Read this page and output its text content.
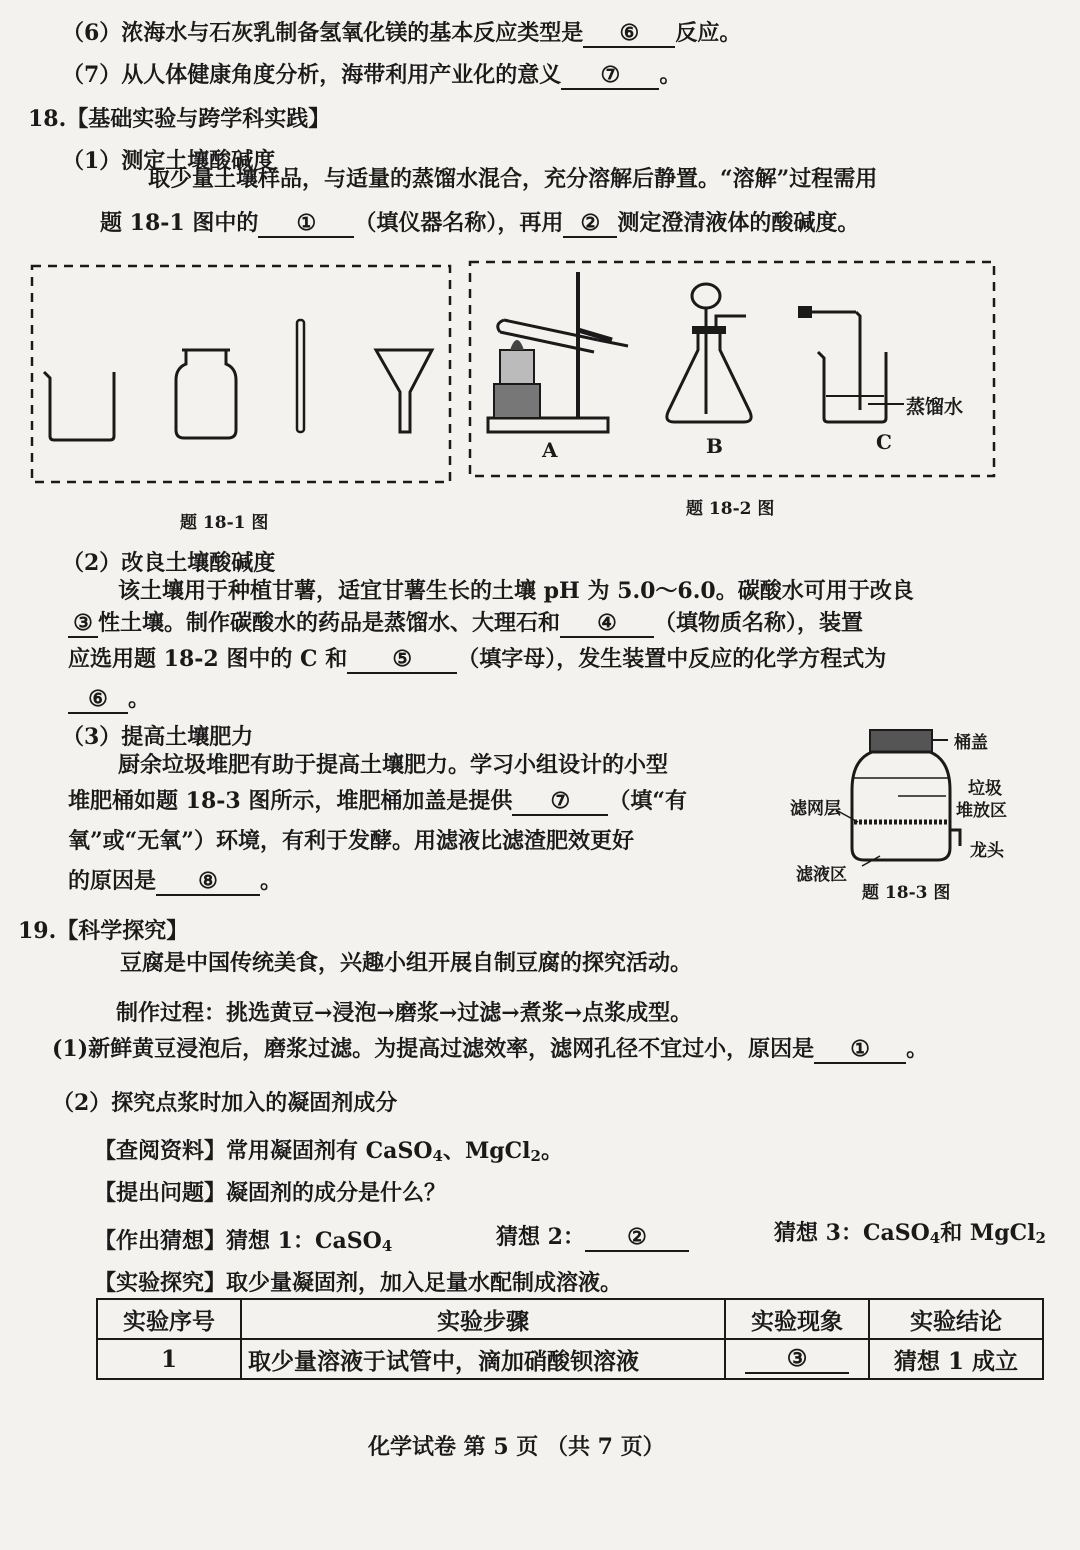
（6）浓海水与石灰乳制备氢氧化镁的基本反应类型是 ⑥ 反应。
（7）从人体健康角度分析，海带利用产业化的意义 ⑦ 。
18.【基础实验与跨学科实践】
（1）测定土壤酸碱度
取少量土壤样品，与适量的蒸馏水混合，充分溶解后静置。“溶解”过程需用
题 18-1 图中的 ① （填仪器名称），再用 ② 测定澄清液体的酸碱度。
A	B	C
蒸馏水
题 18-1 图
题 18-2 图
（2）改良土壤酸碱度
该土壤用于种植甘薯，适宜甘薯生长的土壤 pH 为 5.0～6.0。碳酸水可用于改良
③ 性土壤。制作碳酸水的药品是蒸馏水、大理石和 ④ （填物质名称），装置
应选用题 18-2 图中的 C 和 ⑤ （填字母），发生装置中反应的化学方程式为
⑥ 。
（3）提高土壤肥力
厨余垃圾堆肥有助于提高土壤肥力。学习小组设计的小型
堆肥桶如题 18-3 图所示，堆肥桶加盖是提供 ⑦ （填“有
氧”或“无氧”）环境，有利于发酵。用滤液比滤渣肥效更好
的原因是 ⑧ 。
桶盖
垃圾
堆放区
滤网层
龙头
滤液区
题 18-3 图
19.【科学探究】
豆腐是中国传统美食，兴趣小组开展自制豆腐的探究活动。
制作过程：挑选黄豆→浸泡→磨浆→过滤→煮浆→点浆成型。
(1)新鲜黄豆浸泡后，磨浆过滤。为提高过滤效率，滤网孔径不宜过小，原因是 ① 。
（2）探究点浆时加入的凝固剂成分
【查阅资料】常用凝固剂有 CaSO$_4$、MgCl$_2$。
【提出问题】凝固剂的成分是什么？
【作出猜想】猜想 1：CaSO$_4$	猜想 2： ②	猜想 3：CaSO$_4$和 MgCl$_2$
【实验探究】取少量凝固剂，加入足量水配制成溶液。
实验序号	实验步骤	实验现象	实验结论
1	取少量溶液于试管中，滴加硝酸钡溶液	③	猜想 1 成立
化学试卷 第 5 页 （共 7 页）
